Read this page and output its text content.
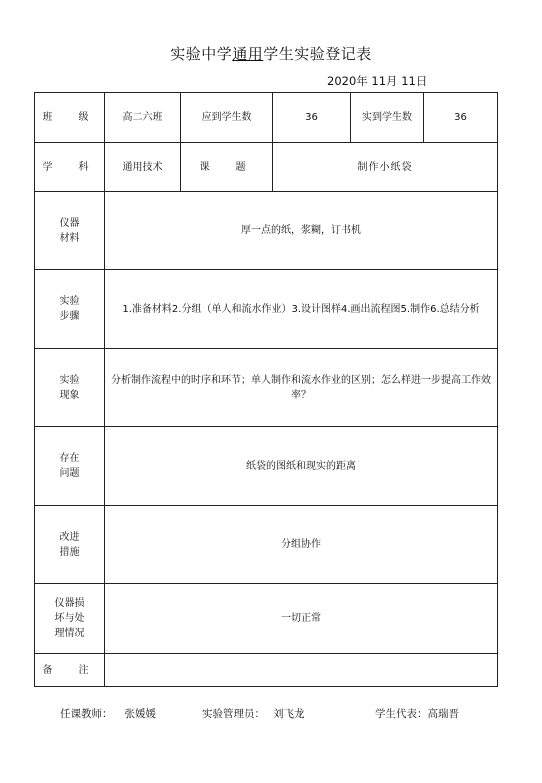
实验中学通用学生实验登记表
2020年 11月 11日
班　级	高二六班	应到学生数	36	实到学生数	36
学　科	通用技术	课　题	制作小纸袋		
仪器
材料	厚一点的纸，浆糊，订书机				
实验
步骤	1.准备材料2.分组（单人和流水作业）3.设计图样4.画出流程图5.制作6.总结分析				
实验
现象	分析制作流程中的时序和环节；单人制作和流水作业的区别；怎么样进一步提高工作效率？				
存在
问题	纸袋的图纸和现实的距离				
改进
措施	分组协作				
仪器损
坏与处
理情况	一切正常				
备　注					
任课教师： 张媛媛	实验管理员： 刘飞龙	学生代表：高瑞晋
